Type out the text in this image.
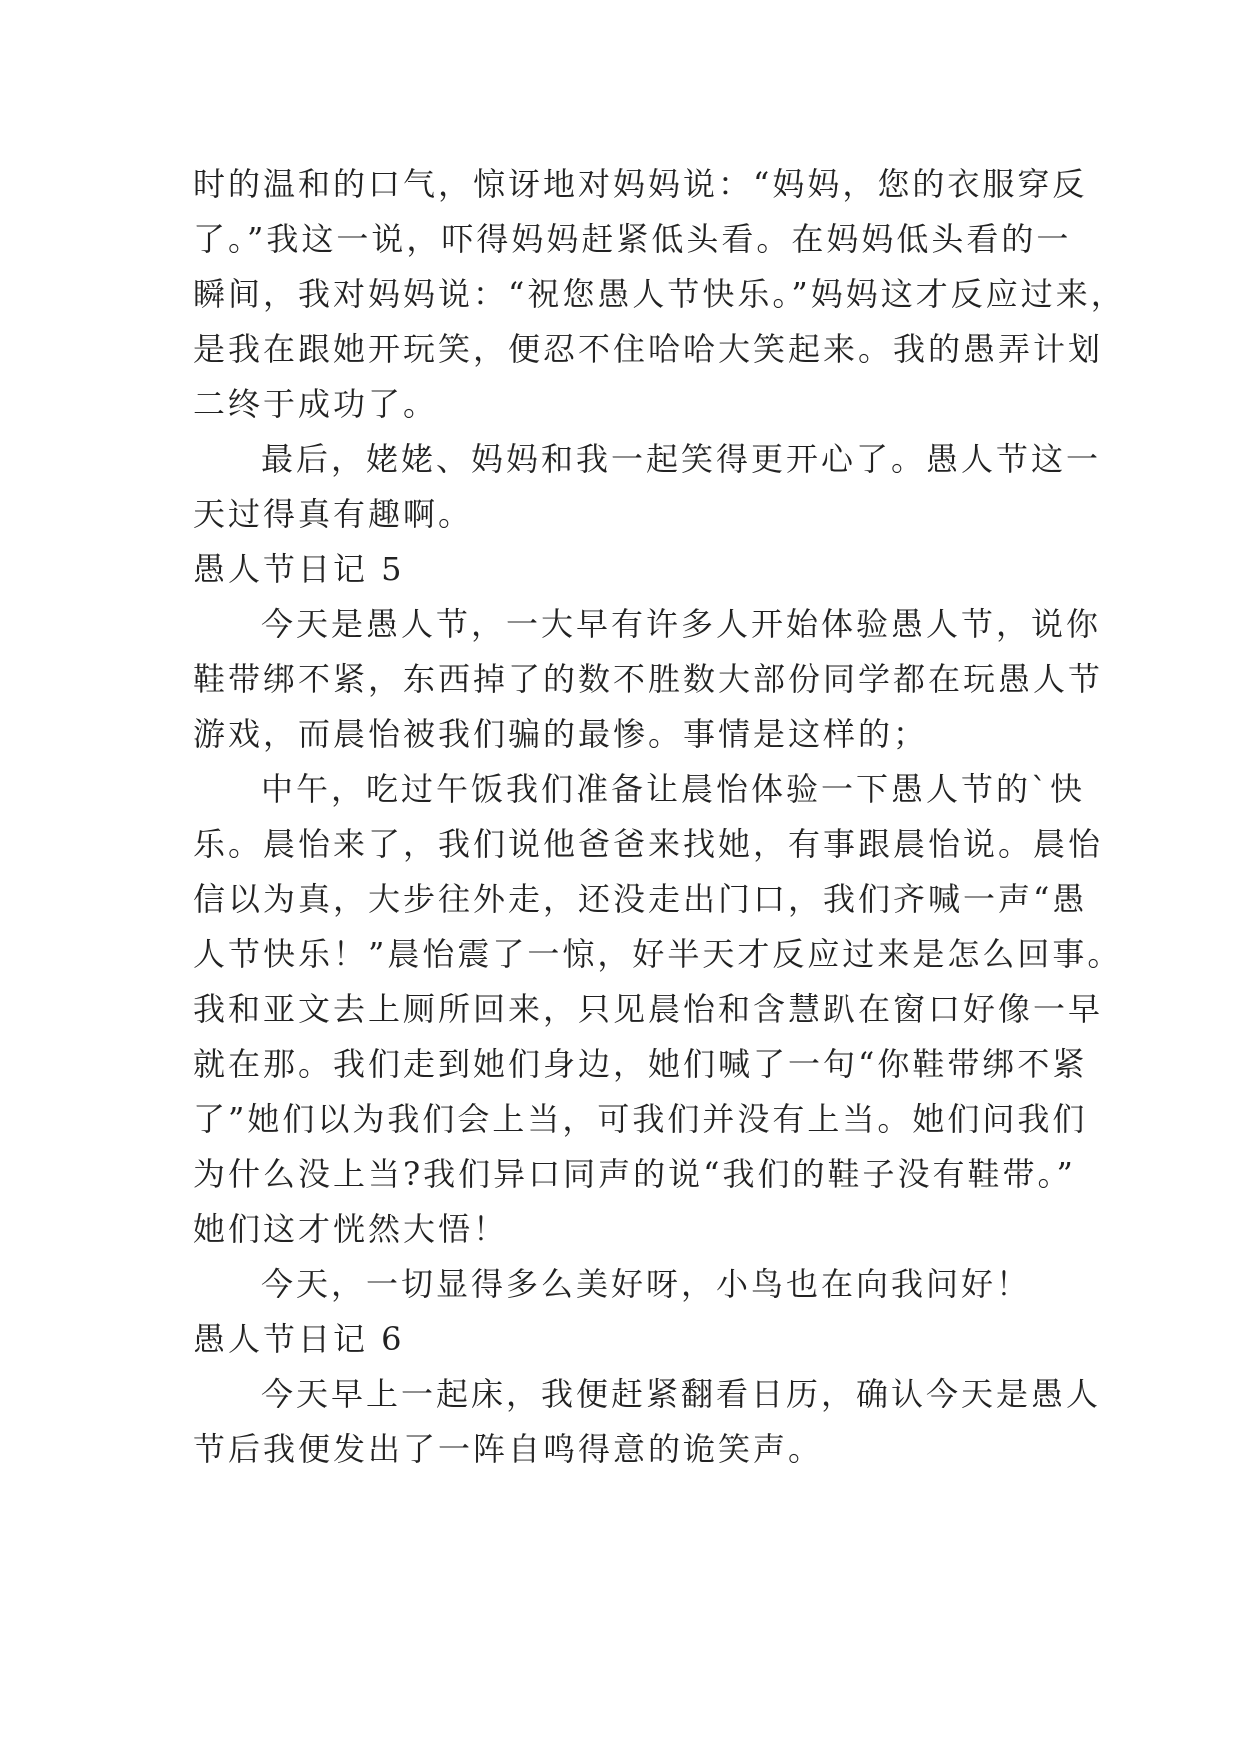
时的温和的口气，惊讶地对妈妈说：“妈妈，您的衣服穿反
了。”我这一说，吓得妈妈赶紧低头看。在妈妈低头看的一
瞬间，我对妈妈说：“祝您愚人节快乐。”妈妈这才反应过来，
是我在跟她开玩笑，便忍不住哈哈大笑起来。我的愚弄计划
二终于成功了。
最后，姥姥、妈妈和我一起笑得更开心了。愚人节这一
天过得真有趣啊。
愚人节日记 5
今天是愚人节，一大早有许多人开始体验愚人节，说你
鞋带绑不紧，东西掉了的数不胜数大部份同学都在玩愚人节
游戏，而晨怡被我们骗的最惨。事情是这样的；
中午，吃过午饭我们准备让晨怡体验一下愚人节的`快
乐。晨怡来了，我们说他爸爸来找她，有事跟晨怡说。晨怡
信以为真，大步往外走，还没走出门口，我们齐喊一声“愚
人节快乐！”晨怡震了一惊，好半天才反应过来是怎么回事。
我和亚文去上厕所回来，只见晨怡和含慧趴在窗口好像一早
就在那。我们走到她们身边，她们喊了一句“你鞋带绑不紧
了”她们以为我们会上当，可我们并没有上当。她们问我们
为什么没上当?我们异口同声的说“我们的鞋子没有鞋带。”
她们这才恍然大悟！
今天，一切显得多么美好呀，小鸟也在向我问好！
愚人节日记 6
今天早上一起床，我便赶紧翻看日历，确认今天是愚人
节后我便发出了一阵自鸣得意的诡笑声。
